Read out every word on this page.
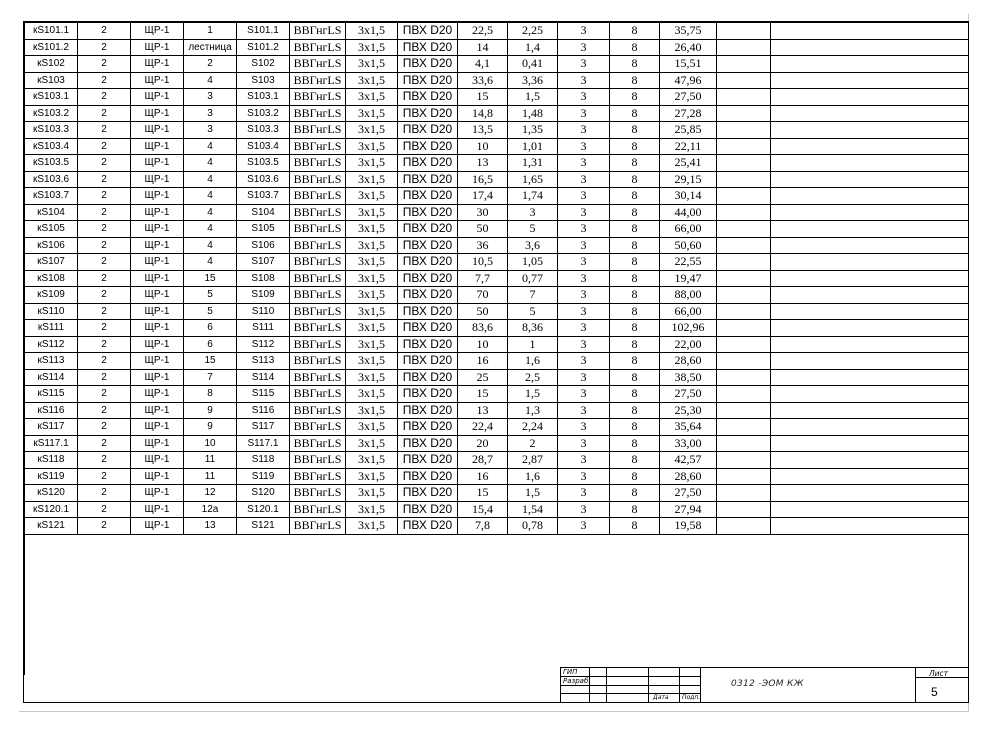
кS101.1	2	ЩР-1	1	S101.1	ВВГнгLS	3x1,5	ПВХ D20	22,5	2,25	3	8	35,75		
кS101.2	2	ЩР-1	лестница	S101.2	ВВГнгLS	3x1,5	ПВХ D20	14	1,4	3	8	26,40		
кS102	2	ЩР-1	2	S102	ВВГнгLS	3x1,5	ПВХ D20	4,1	0,41	3	8	15,51		
кS103	2	ЩР-1	4	S103	ВВГнгLS	3x1,5	ПВХ D20	33,6	3,36	3	8	47,96		
кS103.1	2	ЩР-1	3	S103.1	ВВГнгLS	3x1,5	ПВХ D20	15	1,5	3	8	27,50		
кS103.2	2	ЩР-1	3	S103.2	ВВГнгLS	3x1,5	ПВХ D20	14,8	1,48	3	8	27,28		
кS103.3	2	ЩР-1	3	S103.3	ВВГнгLS	3x1,5	ПВХ D20	13,5	1,35	3	8	25,85		
кS103.4	2	ЩР-1	4	S103.4	ВВГнгLS	3x1,5	ПВХ D20	10	1,01	3	8	22,11		
кS103.5	2	ЩР-1	4	S103.5	ВВГнгLS	3x1,5	ПВХ D20	13	1,31	3	8	25,41		
кS103.6	2	ЩР-1	4	S103.6	ВВГнгLS	3x1,5	ПВХ D20	16,5	1,65	3	8	29,15		
кS103.7	2	ЩР-1	4	S103.7	ВВГнгLS	3x1,5	ПВХ D20	17,4	1,74	3	8	30,14		
кS104	2	ЩР-1	4	S104	ВВГнгLS	3x1,5	ПВХ D20	30	3	3	8	44,00		
кS105	2	ЩР-1	4	S105	ВВГнгLS	3x1,5	ПВХ D20	50	5	3	8	66,00		
кS106	2	ЩР-1	4	S106	ВВГнгLS	3x1,5	ПВХ D20	36	3,6	3	8	50,60		
кS107	2	ЩР-1	4	S107	ВВГнгLS	3x1,5	ПВХ D20	10,5	1,05	3	8	22,55		
кS108	2	ЩР-1	15	S108	ВВГнгLS	3x1,5	ПВХ D20	7,7	0,77	3	8	19,47		
кS109	2	ЩР-1	5	S109	ВВГнгLS	3x1,5	ПВХ D20	70	7	3	8	88,00		
кS110	2	ЩР-1	5	S110	ВВГнгLS	3x1,5	ПВХ D20	50	5	3	8	66,00		
кS111	2	ЩР-1	6	S111	ВВГнгLS	3x1,5	ПВХ D20	83,6	8,36	3	8	102,96		
кS112	2	ЩР-1	6	S112	ВВГнгLS	3x1,5	ПВХ D20	10	1	3	8	22,00		
кS113	2	ЩР-1	15	S113	ВВГнгLS	3x1,5	ПВХ D20	16	1,6	3	8	28,60		
кS114	2	ЩР-1	7	S114	ВВГнгLS	3x1,5	ПВХ D20	25	2,5	3	8	38,50		
кS115	2	ЩР-1	8	S115	ВВГнгLS	3x1,5	ПВХ D20	15	1,5	3	8	27,50		
кS116	2	ЩР-1	9	S116	ВВГнгLS	3x1,5	ПВХ D20	13	1,3	3	8	25,30		
кS117	2	ЩР-1	9	S117	ВВГнгLS	3x1,5	ПВХ D20	22,4	2,24	3	8	35,64		
кS117.1	2	ЩР-1	10	S117.1	ВВГнгLS	3x1,5	ПВХ D20	20	2	3	8	33,00		
кS118	2	ЩР-1	11	S118	ВВГнгLS	3x1,5	ПВХ D20	28,7	2,87	3	8	42,57		
кS119	2	ЩР-1	11	S119	ВВГнгLS	3x1,5	ПВХ D20	16	1,6	3	8	28,60		
кS120	2	ЩР-1	12	S120	ВВГнгLS	3x1,5	ПВХ D20	15	1,5	3	8	27,50		
кS120.1	2	ЩР-1	12а	S120.1	ВВГнгLS	3x1,5	ПВХ D20	15,4	1,54	3	8	27,94		
кS121	2	ЩР-1	13	S121	ВВГнгLS	3x1,5	ПВХ D20	7,8	0,78	3	8	19,58		

ГИП
Разраб.
Дата Подп.
0312 -ЭОМ КЖ
Лист
5
